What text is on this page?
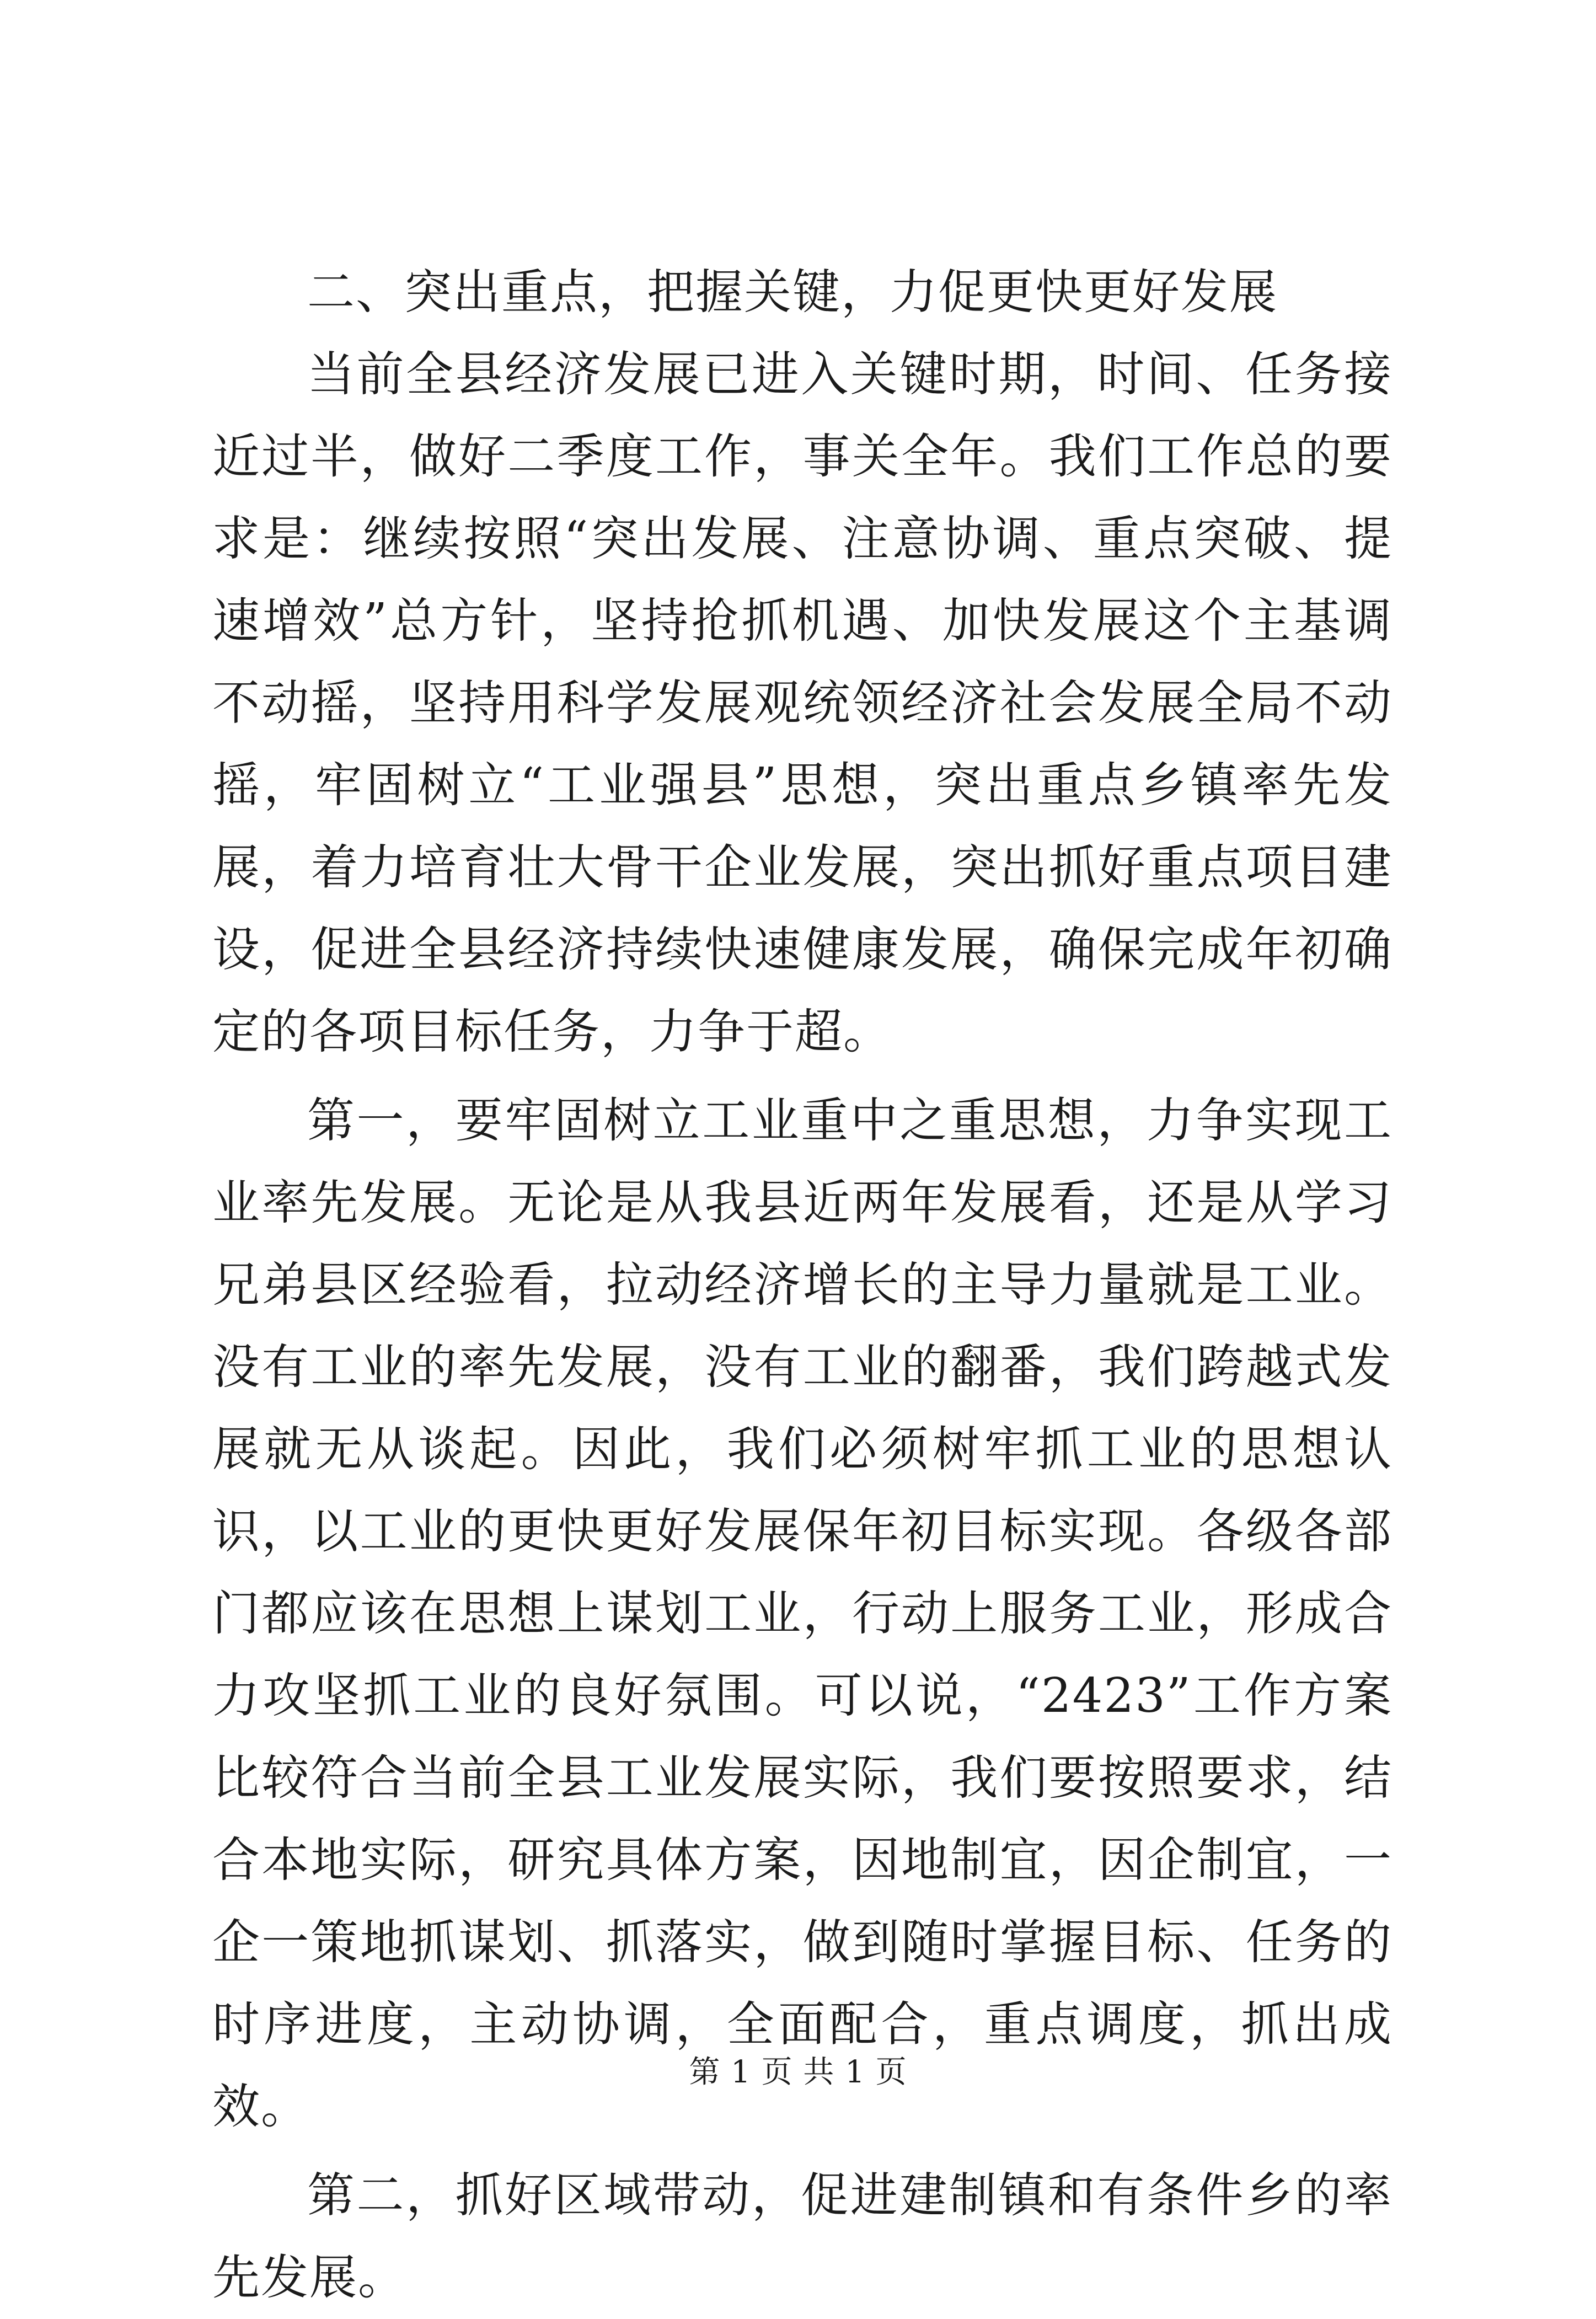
二、突出重点，把握关键，力促更快更好发展

当前全县经济发展已进入关键时期，时间、任务接近过半，做好二季度工作，事关全年。我们工作总的要求是：继续按照“突出发展、注意协调、重点突破、提速增效”总方针，坚持抢抓机遇、加快发展这个主基调不动摇，坚持用科学发展观统领经济社会发展全局不动摇，牢固树立“工业强县”思想，突出重点乡镇率先发展，着力培育壮大骨干企业发展，突出抓好重点项目建设，促进全县经济持续快速健康发展，确保完成年初确定的各项目标任务，力争于超。

第一，要牢固树立工业重中之重思想，力争实现工业率先发展。无论是从我县近两年发展看，还是从学习兄弟县区经验看，拉动经济增长的主导力量就是工业。没有工业的率先发展，没有工业的翻番，我们跨越式发展就无从谈起。因此，我们必须树牢抓工业的思想认识，以工业的更快更好发展保年初目标实现。各级各部门都应该在思想上谋划工业，行动上服务工业，形成合力攻坚抓工业的良好氛围。可以说，“2423”工作方案比较符合当前全县工业发展实际，我们要按照要求，结合本地实际，研究具体方案，因地制宜，因企制宜，一企一策地抓谋划、抓落实，做到随时掌握目标、任务的时序进度，主动协调，全面配合，重点调度，抓出成效。

第二，抓好区域带动，促进建制镇和有条件乡的率先发展。

第 1 页 共 1 页
